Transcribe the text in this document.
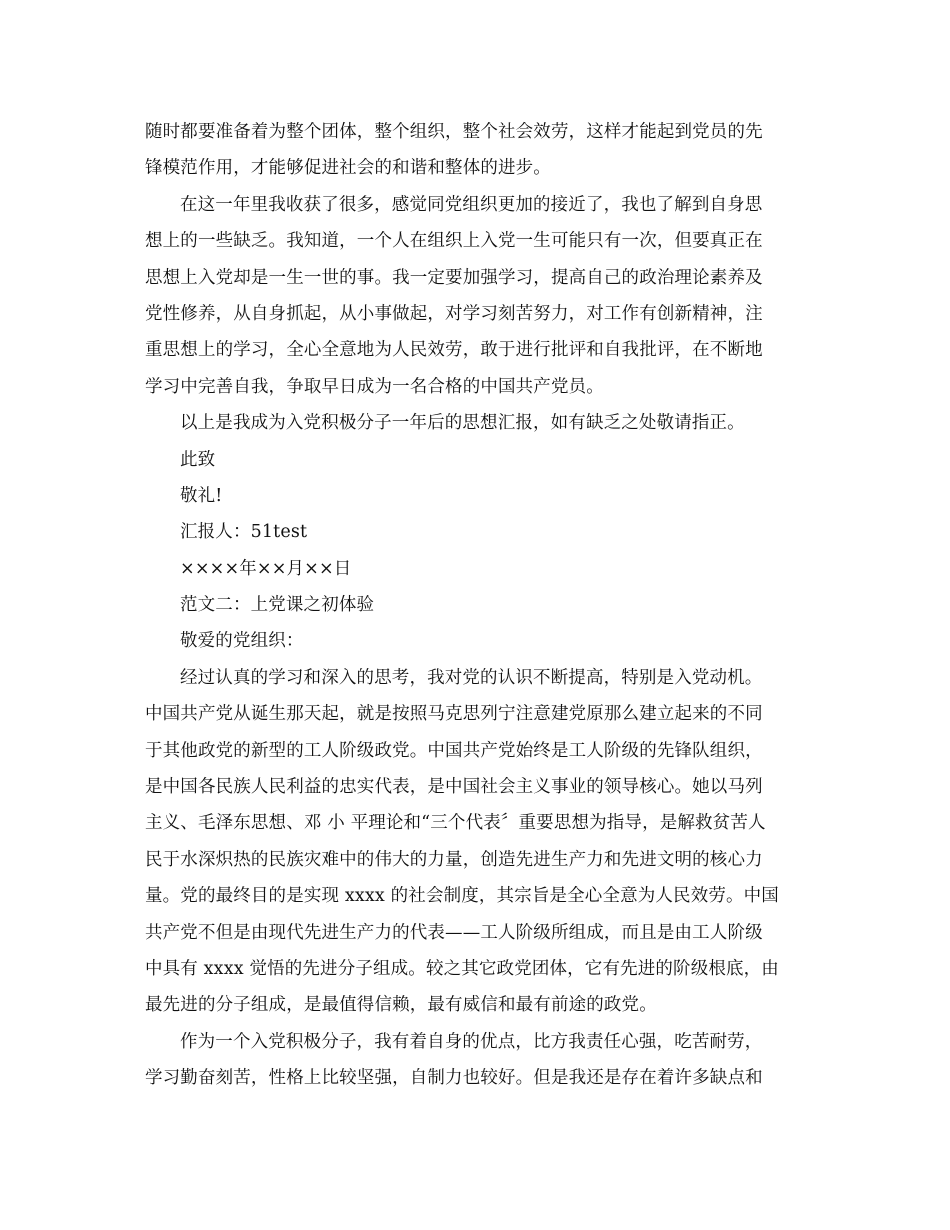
随时都要准备着为整个团体，整个组织，整个社会效劳，这样才能起到党员的先
锋模范作用，才能够促进社会的和谐和整体的进步。
在这一年里我收获了很多，感觉同党组织更加的接近了，我也了解到自身思
想上的一些缺乏。我知道，一个人在组织上入党一生可能只有一次，但要真正在
思想上入党却是一生一世的事。我一定要加强学习，提高自己的政治理论素养及
党性修养，从自身抓起，从小事做起，对学习刻苦努力，对工作有创新精神，注
重思想上的学习，全心全意地为人民效劳，敢于进行批评和自我批评，在不断地
学习中完善自我，争取早日成为一名合格的中国共产党员。
以上是我成为入党积极分子一年后的思想汇报，如有缺乏之处敬请指正。
此致
敬礼!
汇报人：51test
××××年××月××日
范文二：上党课之初体验
敬爱的党组织：
经过认真的学习和深入的思考，我对党的认识不断提高，特别是入党动机。
中国共产党从诞生那天起，就是按照马克思列宁注意建党原那么建立起来的不同
于其他政党的新型的工人阶级政党。中国共产党始终是工人阶级的先锋队组织，
是中国各民族人民利益的忠实代表，是中国社会主义事业的领导核心。她以马列
主义、毛泽东思想、邓 小 平理论和“三个代表〞重要思想为指导，是解救贫苦人
民于水深炽热的民族灾难中的伟大的力量，创造先进生产力和先进文明的核心力
量。党的最终目的是实现 xxxx 的社会制度，其宗旨是全心全意为人民效劳。中国
共产党不但是由现代先进生产力的代表——工人阶级所组成，而且是由工人阶级
中具有 xxxx 觉悟的先进分子组成。较之其它政党团体，它有先进的阶级根底，由
最先进的分子组成，是最值得信赖，最有威信和最有前途的政党。
作为一个入党积极分子，我有着自身的优点，比方我责任心强，吃苦耐劳，
学习勤奋刻苦，性格上比较坚强，自制力也较好。但是我还是存在着许多缺点和
